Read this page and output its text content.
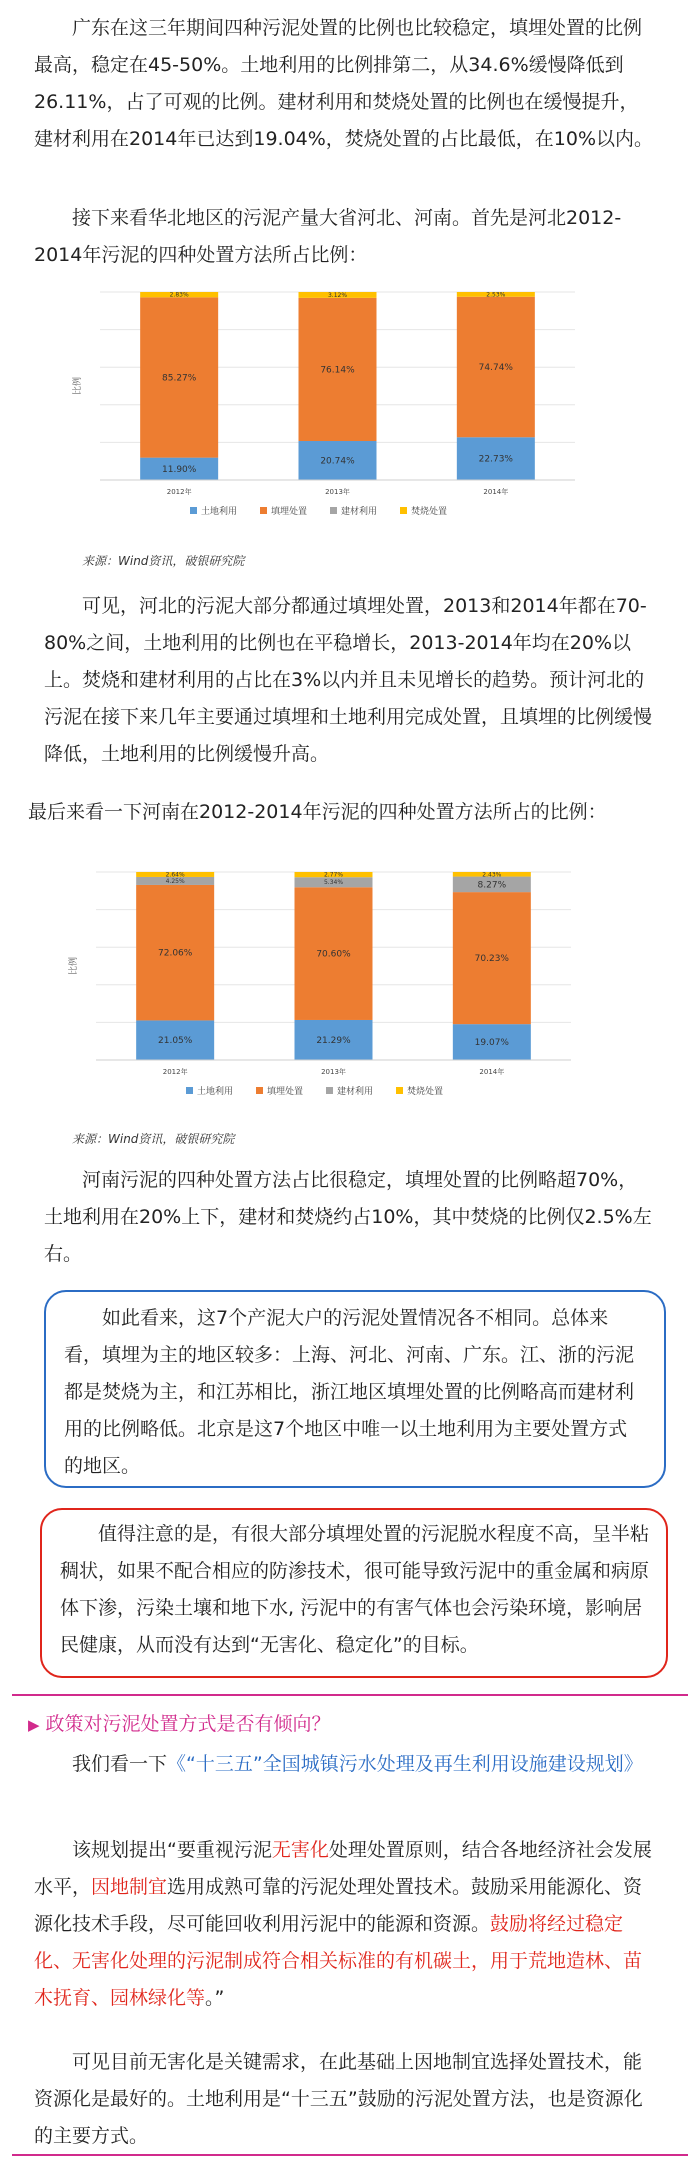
广东在这三年期间四种污泥处置的比例也比较稳定，填埋处置的比例最高，稳定在45-50%。土地利用的比例排第二，从34.6%缓慢降低到26.11%，占了可观的比例。建材利用和焚烧处置的比例也在缓慢提升，建材利用在2014年已达到19.04%，焚烧处置的占比最低，在10%以内。
接下来看华北地区的污泥产量大省河北、河南。首先是河北2012-2014年污泥的四种处置方法所占比例：
比例
11.90%
85.27%
2.83%
2012年
20.74%
76.14%
3.12%
2013年
22.73%
74.74%
2.53%
2014年
土地利用	填埋处置	建材利用	焚烧处置
来源：Wind资讯，破银研究院
可见，河北的污泥大部分都通过填埋处置，2013和2014年都在70-80%之间，土地利用的比例也在平稳增长，2013-2014年均在20%以上。焚烧和建材利用的占比在3%以内并且未见增长的趋势。预计河北的污泥在接下来几年主要通过填埋和土地利用完成处置，且填埋的比例缓慢降低，土地利用的比例缓慢升高。
最后来看一下河南在2012-2014年污泥的四种处置方法所占的比例：
比例
21.05%
72.06%
4.25%
2.64%
2012年
21.29%
70.60%
5.34%
2.77%
2013年
19.07%
70.23%
8.27%
2.43%
2014年
土地利用	填埋处置	建材利用	焚烧处置
来源：Wind资讯，破银研究院
河南污泥的四种处置方法占比很稳定，填埋处置的比例略超70%，土地利用在20%上下，建材和焚烧约占10%，其中焚烧的比例仅2.5%左右。
如此看来，这7个产泥大户的污泥处置情况各不相同。总体来看，填埋为主的地区较多：上海、河北、河南、广东。江、浙的污泥都是焚烧为主，和江苏相比，浙江地区填埋处置的比例略高而建材利用的比例略低。北京是这7个地区中唯一以土地利用为主要处置方式的地区。
值得注意的是，有很大部分填埋处置的污泥脱水程度不高，呈半粘稠状，如果不配合相应的防渗技术，很可能导致污泥中的重金属和病原体下渗，污染土壤和地下水, 污泥中的有害气体也会污染环境，影响居民健康，从而没有达到“无害化、稳定化”的目标。
▶ 政策对污泥处置方式是否有倾向？
我们看一下《“十三五”全国城镇污水处理及再生利用设施建设规划》
该规划提出“要重视污泥无害化处理处置原则，结合各地经济社会发展水平，因地制宜选用成熟可靠的污泥处理处置技术。鼓励采用能源化、资源化技术手段，尽可能回收利用污泥中的能源和资源。鼓励将经过稳定化、无害化处理的污泥制成符合相关标准的有机碳土，用于荒地造林、苗木抚育、园林绿化等。”
可见目前无害化是关键需求，在此基础上因地制宜选择处置技术，能资源化是最好的。土地利用是“十三五”鼓励的污泥处置方法，也是资源化的主要方式。
